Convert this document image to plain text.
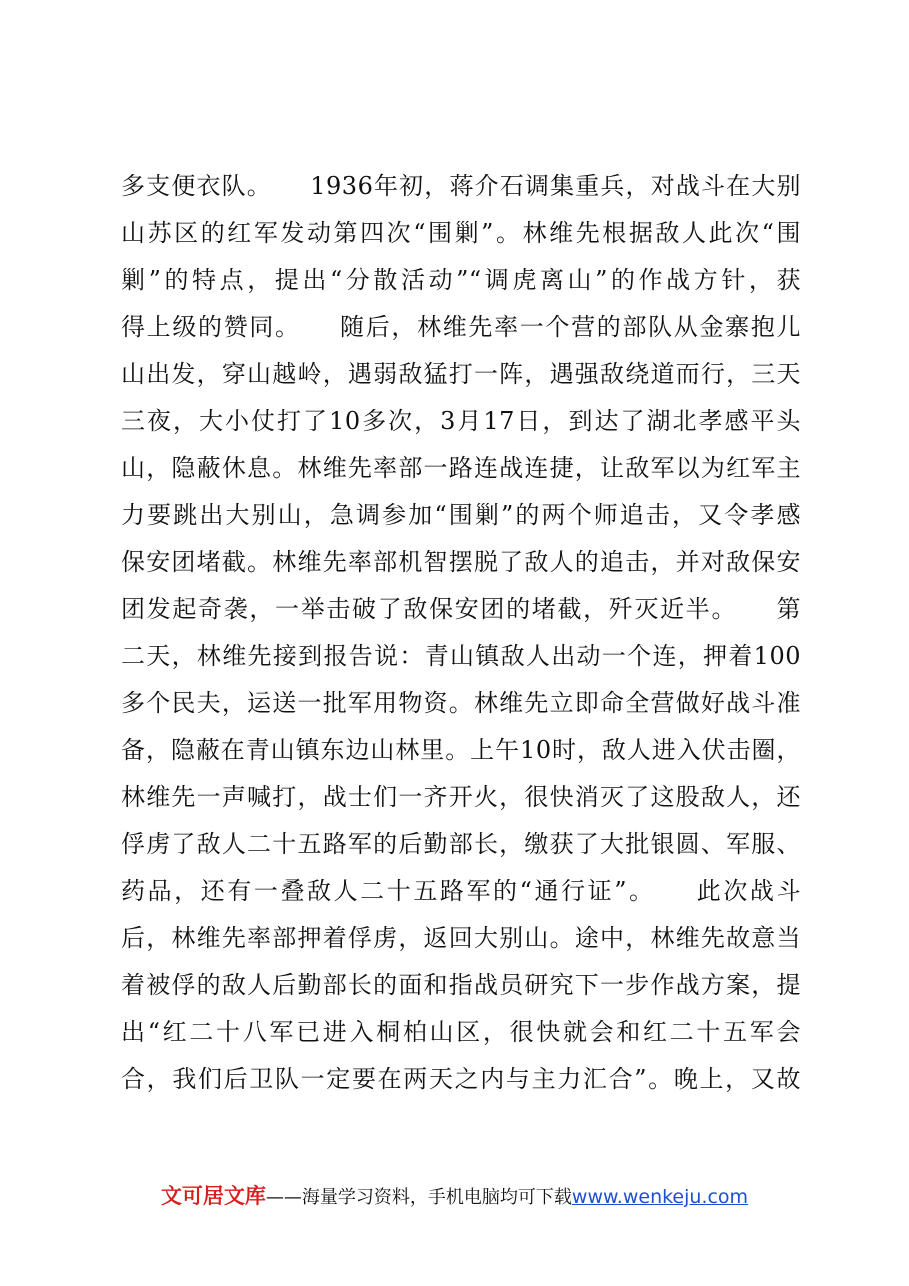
多支便衣队。　　1936年初，蒋介石调集重兵，对战斗在大别
山苏区的红军发动第四次“围剿”。林维先根据敌人此次“围
剿”的特点，提出“分散活动”“调虎离山”的作战方针，获
得上级的赞同。　　随后，林维先率一个营的部队从金寨抱儿
山出发，穿山越岭，遇弱敌猛打一阵，遇强敌绕道而行，三天
三夜，大小仗打了10多次，3月17日，到达了湖北孝感平头
山，隐蔽休息。林维先率部一路连战连捷，让敌军以为红军主
力要跳出大别山，急调参加“围剿”的两个师追击，又令孝感
保安团堵截。林维先率部机智摆脱了敌人的追击，并对敌保安
团发起奇袭，一举击破了敌保安团的堵截，歼灭近半。　　第
二天，林维先接到报告说：青山镇敌人出动一个连，押着100
多个民夫，运送一批军用物资。林维先立即命全营做好战斗准
备，隐蔽在青山镇东边山林里。上午10时，敌人进入伏击圈，
林维先一声喊打，战士们一齐开火，很快消灭了这股敌人，还
俘虏了敌人二十五路军的后勤部长，缴获了大批银圆、军服、
药品，还有一叠敌人二十五路军的“通行证”。　　此次战斗
后，林维先率部押着俘虏，返回大别山。途中，林维先故意当
着被俘的敌人后勤部长的面和指战员研究下一步作战方案，提
出“红二十八军已进入桐柏山区，很快就会和红二十五军会
合，我们后卫队一定要在两天之内与主力汇合”。晚上，又故
文可居文库——海量学习资料，手机电脑均可下载www.wenkeju.com
